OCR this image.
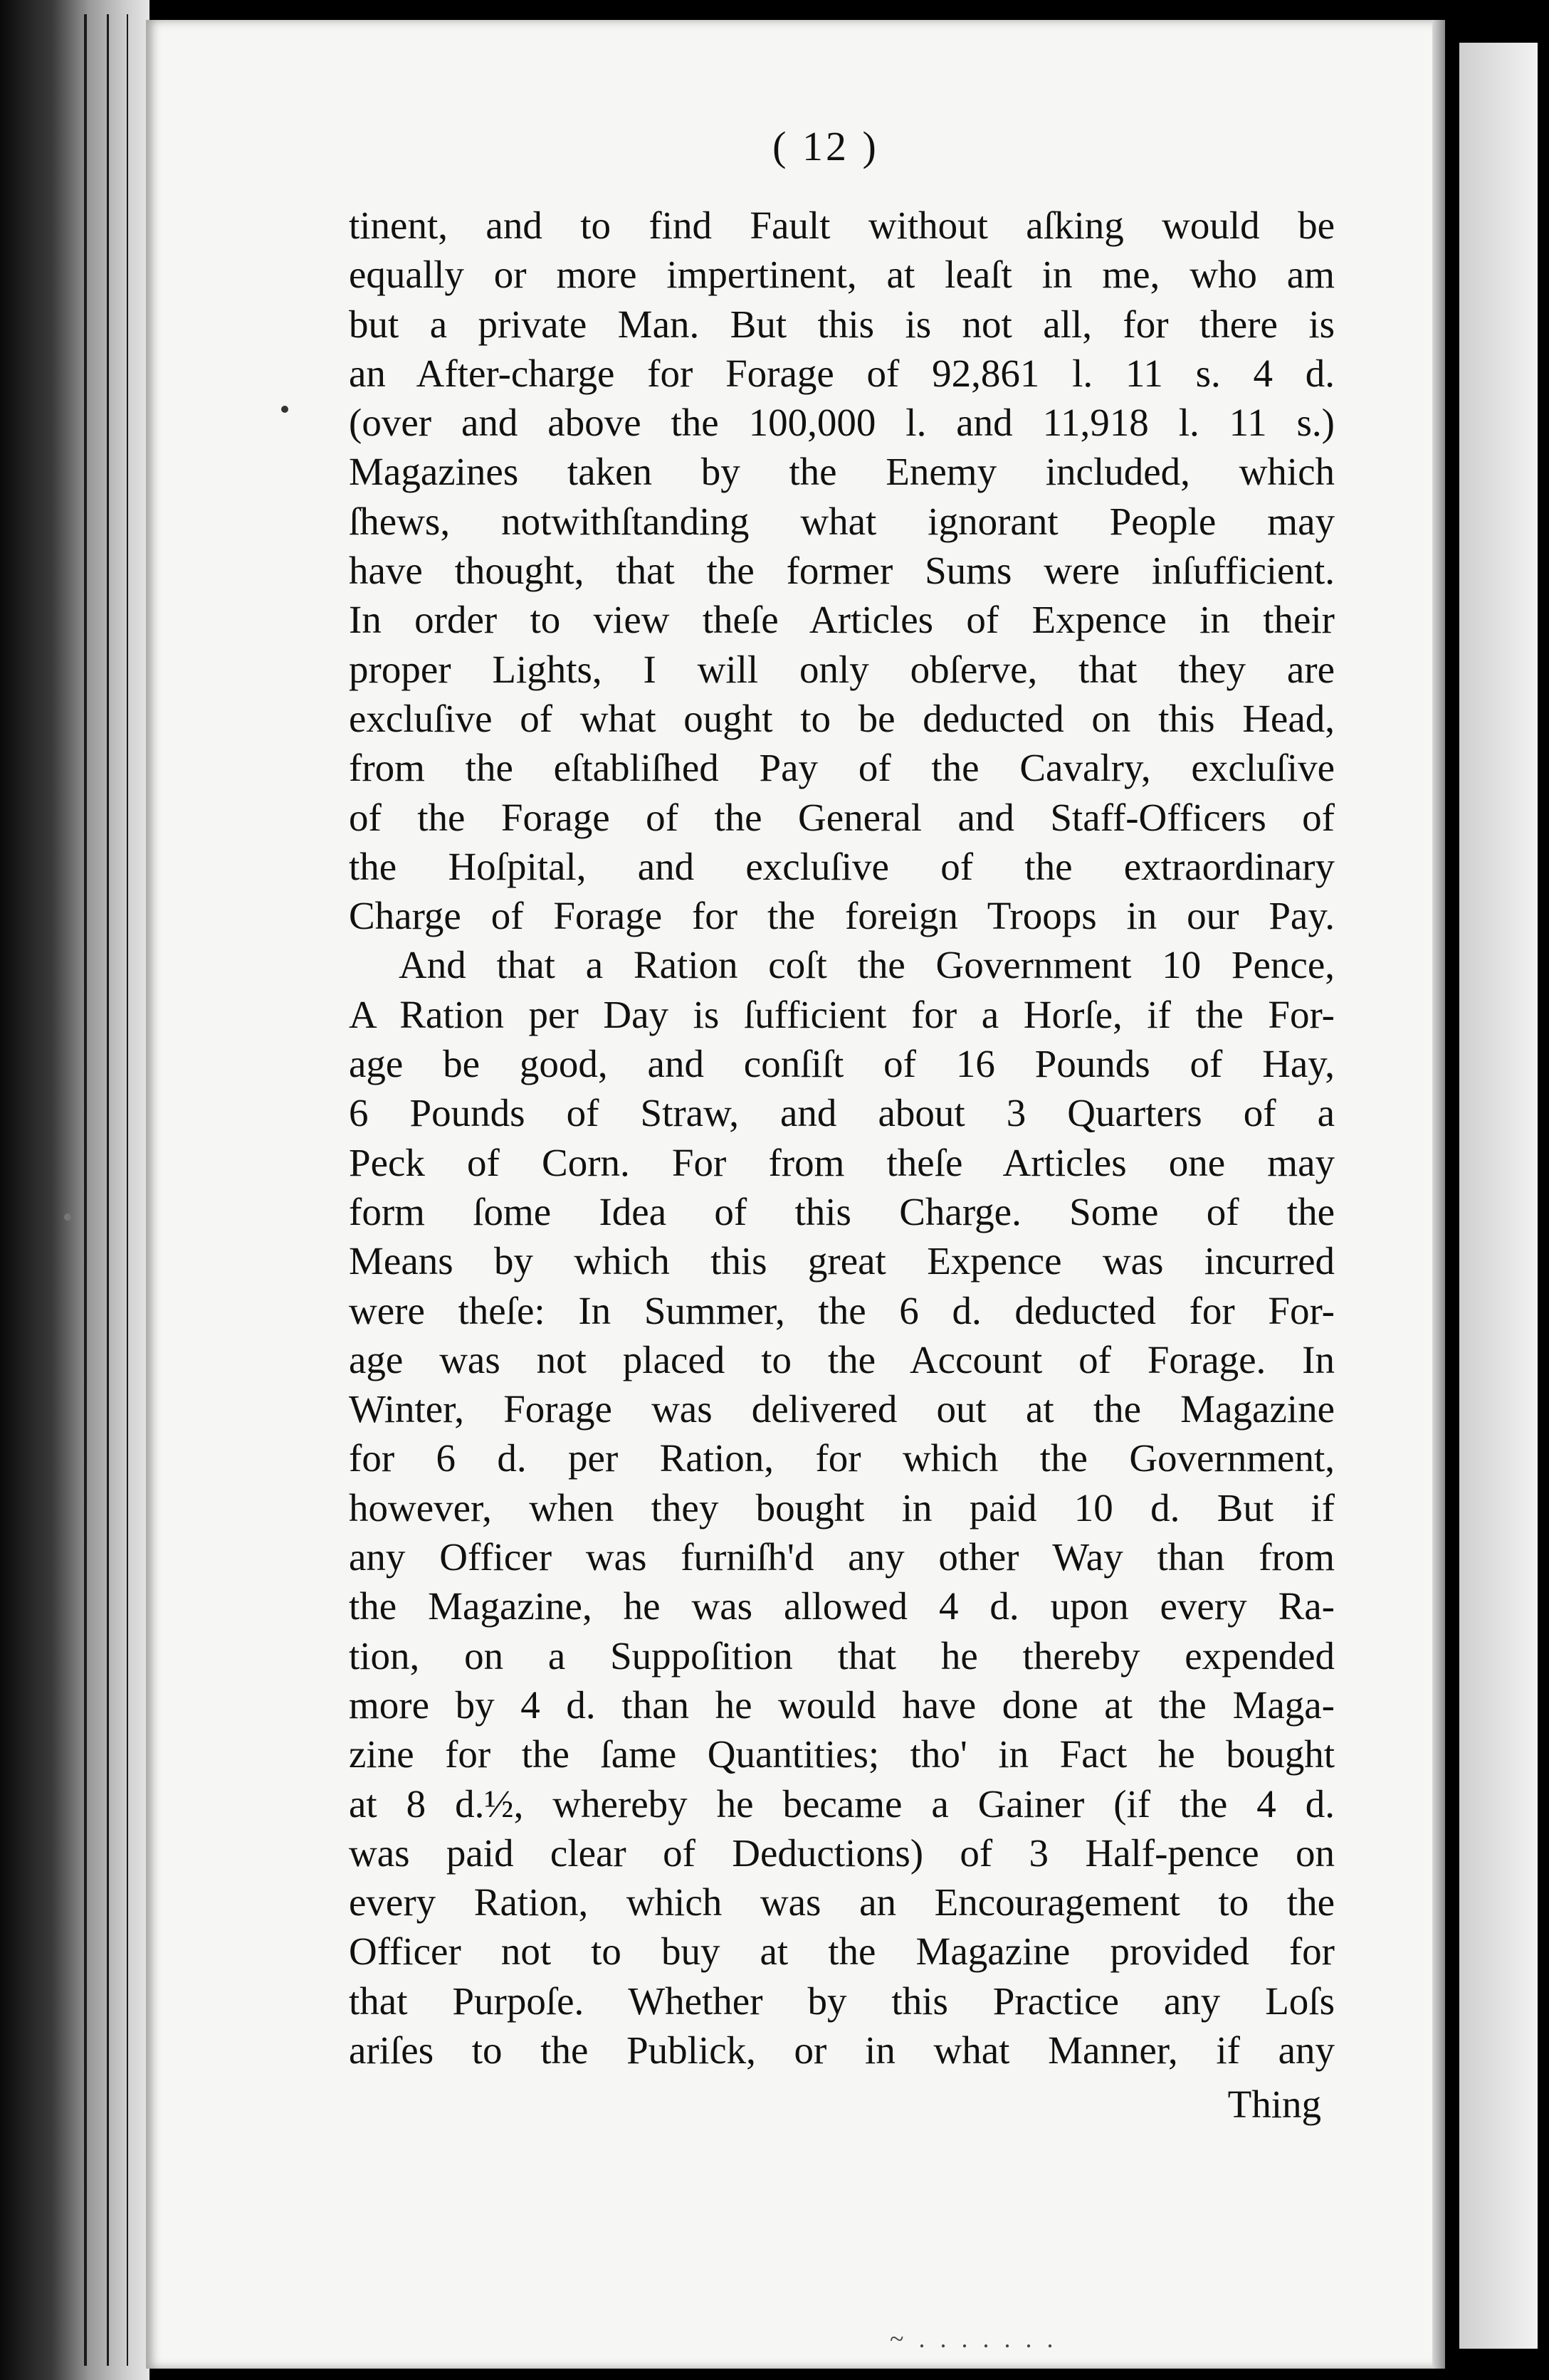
( 12 )
tinent, and to find Fault without aſking would be
equally or more impertinent, at leaſt in me, who am
but a private Man. But this is not all, for there is
an After-charge for Forage of 92,861 l. 11 s. 4 d.
(over and above the 100,000 l. and 11,918 l. 11 s.)
Magazines taken by the Enemy included, which
ſhews, notwithſtanding what ignorant People may
have thought, that the former Sums were inſufficient.
In order to view theſe Articles of Expence in their
proper Lights, I will only obſerve, that they are
excluſive of what ought to be deducted on this Head,
from the eſtabliſhed Pay of the Cavalry, excluſive
of the Forage of the General and Staff-Officers of
the Hoſpital, and excluſive of the extraordinary
Charge of Forage for the foreign Troops in our Pay.
And that a Ration coſt the Government 10 Pence,
A Ration per Day is ſufficient for a Horſe, if the For-
age be good, and conſiſt of 16 Pounds of Hay,
6 Pounds of Straw, and about 3 Quarters of a
Peck of Corn. For from theſe Articles one may
form ſome Idea of this Charge. Some of the
Means by which this great Expence was incurred
were theſe: In Summer, the 6 d. deducted for For-
age was not placed to the Account of Forage. In
Winter, Forage was delivered out at the Magazine
for 6 d. per Ration, for which the Government,
however, when they bought in paid 10 d. But if
any Officer was furniſh'd any other Way than from
the Magazine, he was allowed 4 d. upon every Ra-
tion, on a Suppoſition that he thereby expended
more by 4 d. than he would have done at the Maga-
zine for the ſame Quantities; tho' in Fact he bought
at 8 d.½, whereby he became a Gainer (if the 4 d.
was paid clear of Deductions) of 3 Half-pence on
every Ration, which was an Encouragement to the
Officer not to buy at the Magazine provided for
that Purpoſe. Whether by this Practice any Loſs
ariſes to the Publick, or in what Manner, if any
Thing
~ . . . . . . .
